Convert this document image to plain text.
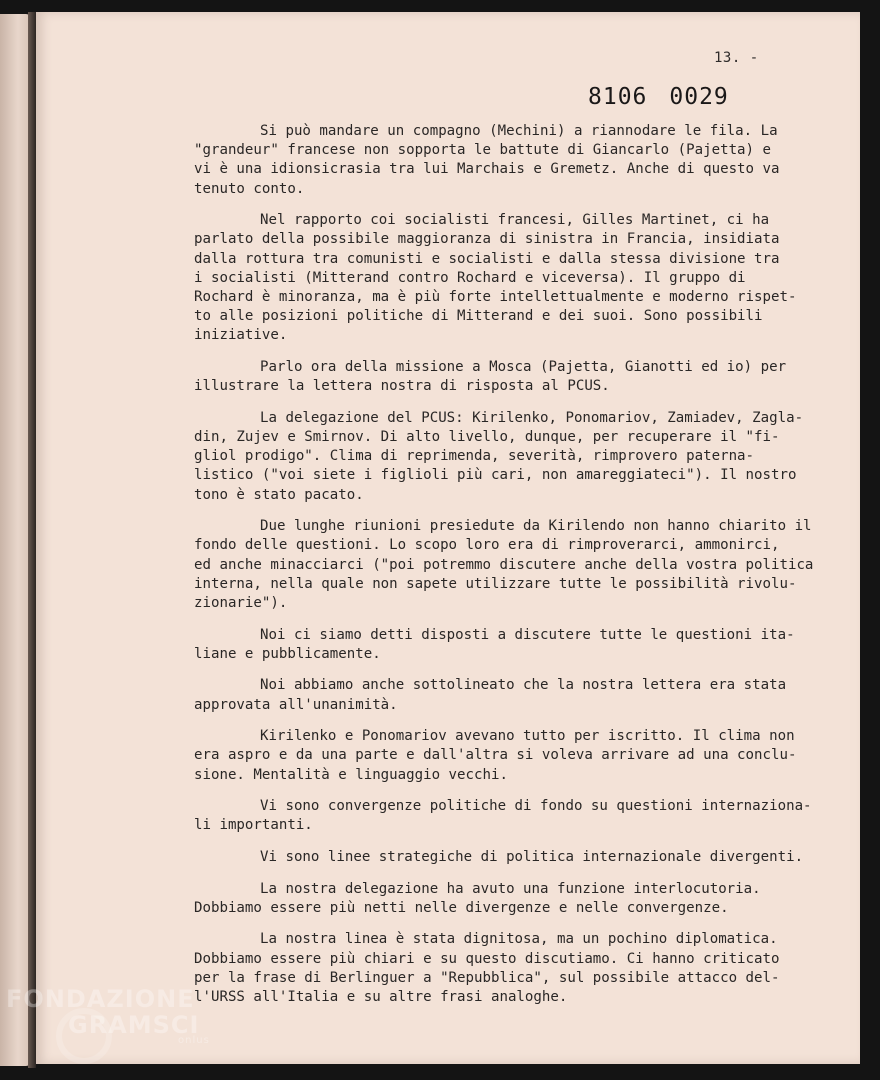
13. -
8106 0029
Si può mandare un compagno (Mechini) a riannodare le fila. La
"grandeur" francese non sopporta le battute di Giancarlo (Pajetta) e
vi è una idionsicrasia tra lui Marchais e Gremetz. Anche di questo va
tenuto conto.
Nel rapporto coi socialisti francesi, Gilles Martinet, ci ha
parlato della possibile maggioranza di sinistra in Francia, insidiata
dalla rottura tra comunisti e socialisti e dalla stessa divisione tra
i socialisti (Mitterand contro Rochard e viceversa). Il gruppo di
Rochard è minoranza, ma è più forte intellettualmente e moderno rispet-
to alle posizioni politiche di Mitterand e dei suoi. Sono possibili
iniziative.
Parlo ora della missione a Mosca (Pajetta, Gianotti ed io) per
illustrare la lettera nostra di risposta al PCUS.
La delegazione del PCUS: Kirilenko, Ponomariov, Zamiadev, Zagla-
din, Zujev e Smirnov. Di alto livello, dunque, per recuperare il "fi-
gliol prodigo". Clima di reprimenda, severità, rimprovero paterna-
listico ("voi siete i figlioli più cari, non amareggiateci"). Il nostro
tono è stato pacato.
Due lunghe riunioni presiedute da Kirilendo non hanno chiarito il
fondo delle questioni. Lo scopo loro era di rimproverarci, ammonirci,
ed anche minacciarci ("poi potremmo discutere anche della vostra politica
interna, nella quale non sapete utilizzare tutte le possibilità rivolu-
zionarie").
Noi ci siamo detti disposti a discutere tutte le questioni ita-
liane e pubblicamente.
Noi abbiamo anche sottolineato che la nostra lettera era stata
approvata all'unanimità.
Kirilenko e Ponomariov avevano tutto per iscritto. Il clima non
era aspro e da una parte e dall'altra si voleva arrivare ad una conclu-
sione. Mentalità e linguaggio vecchi.
Vi sono convergenze politiche di fondo su questioni internaziona-
li importanti.
Vi sono linee strategiche di politica internazionale divergenti.
La nostra delegazione ha avuto una funzione interlocutoria.
Dobbiamo essere più netti nelle divergenze e nelle convergenze.
La nostra linea è stata dignitosa, ma un pochino diplomatica.
Dobbiamo essere più chiari e su questo discutiamo. Ci hanno criticato
per la frase di Berlinguer a "Repubblica", sul possibile attacco del-
l'URSS all'Italia e su altre frasi analoghe.
FONDAZIONE
GRAMSCI
onlus
